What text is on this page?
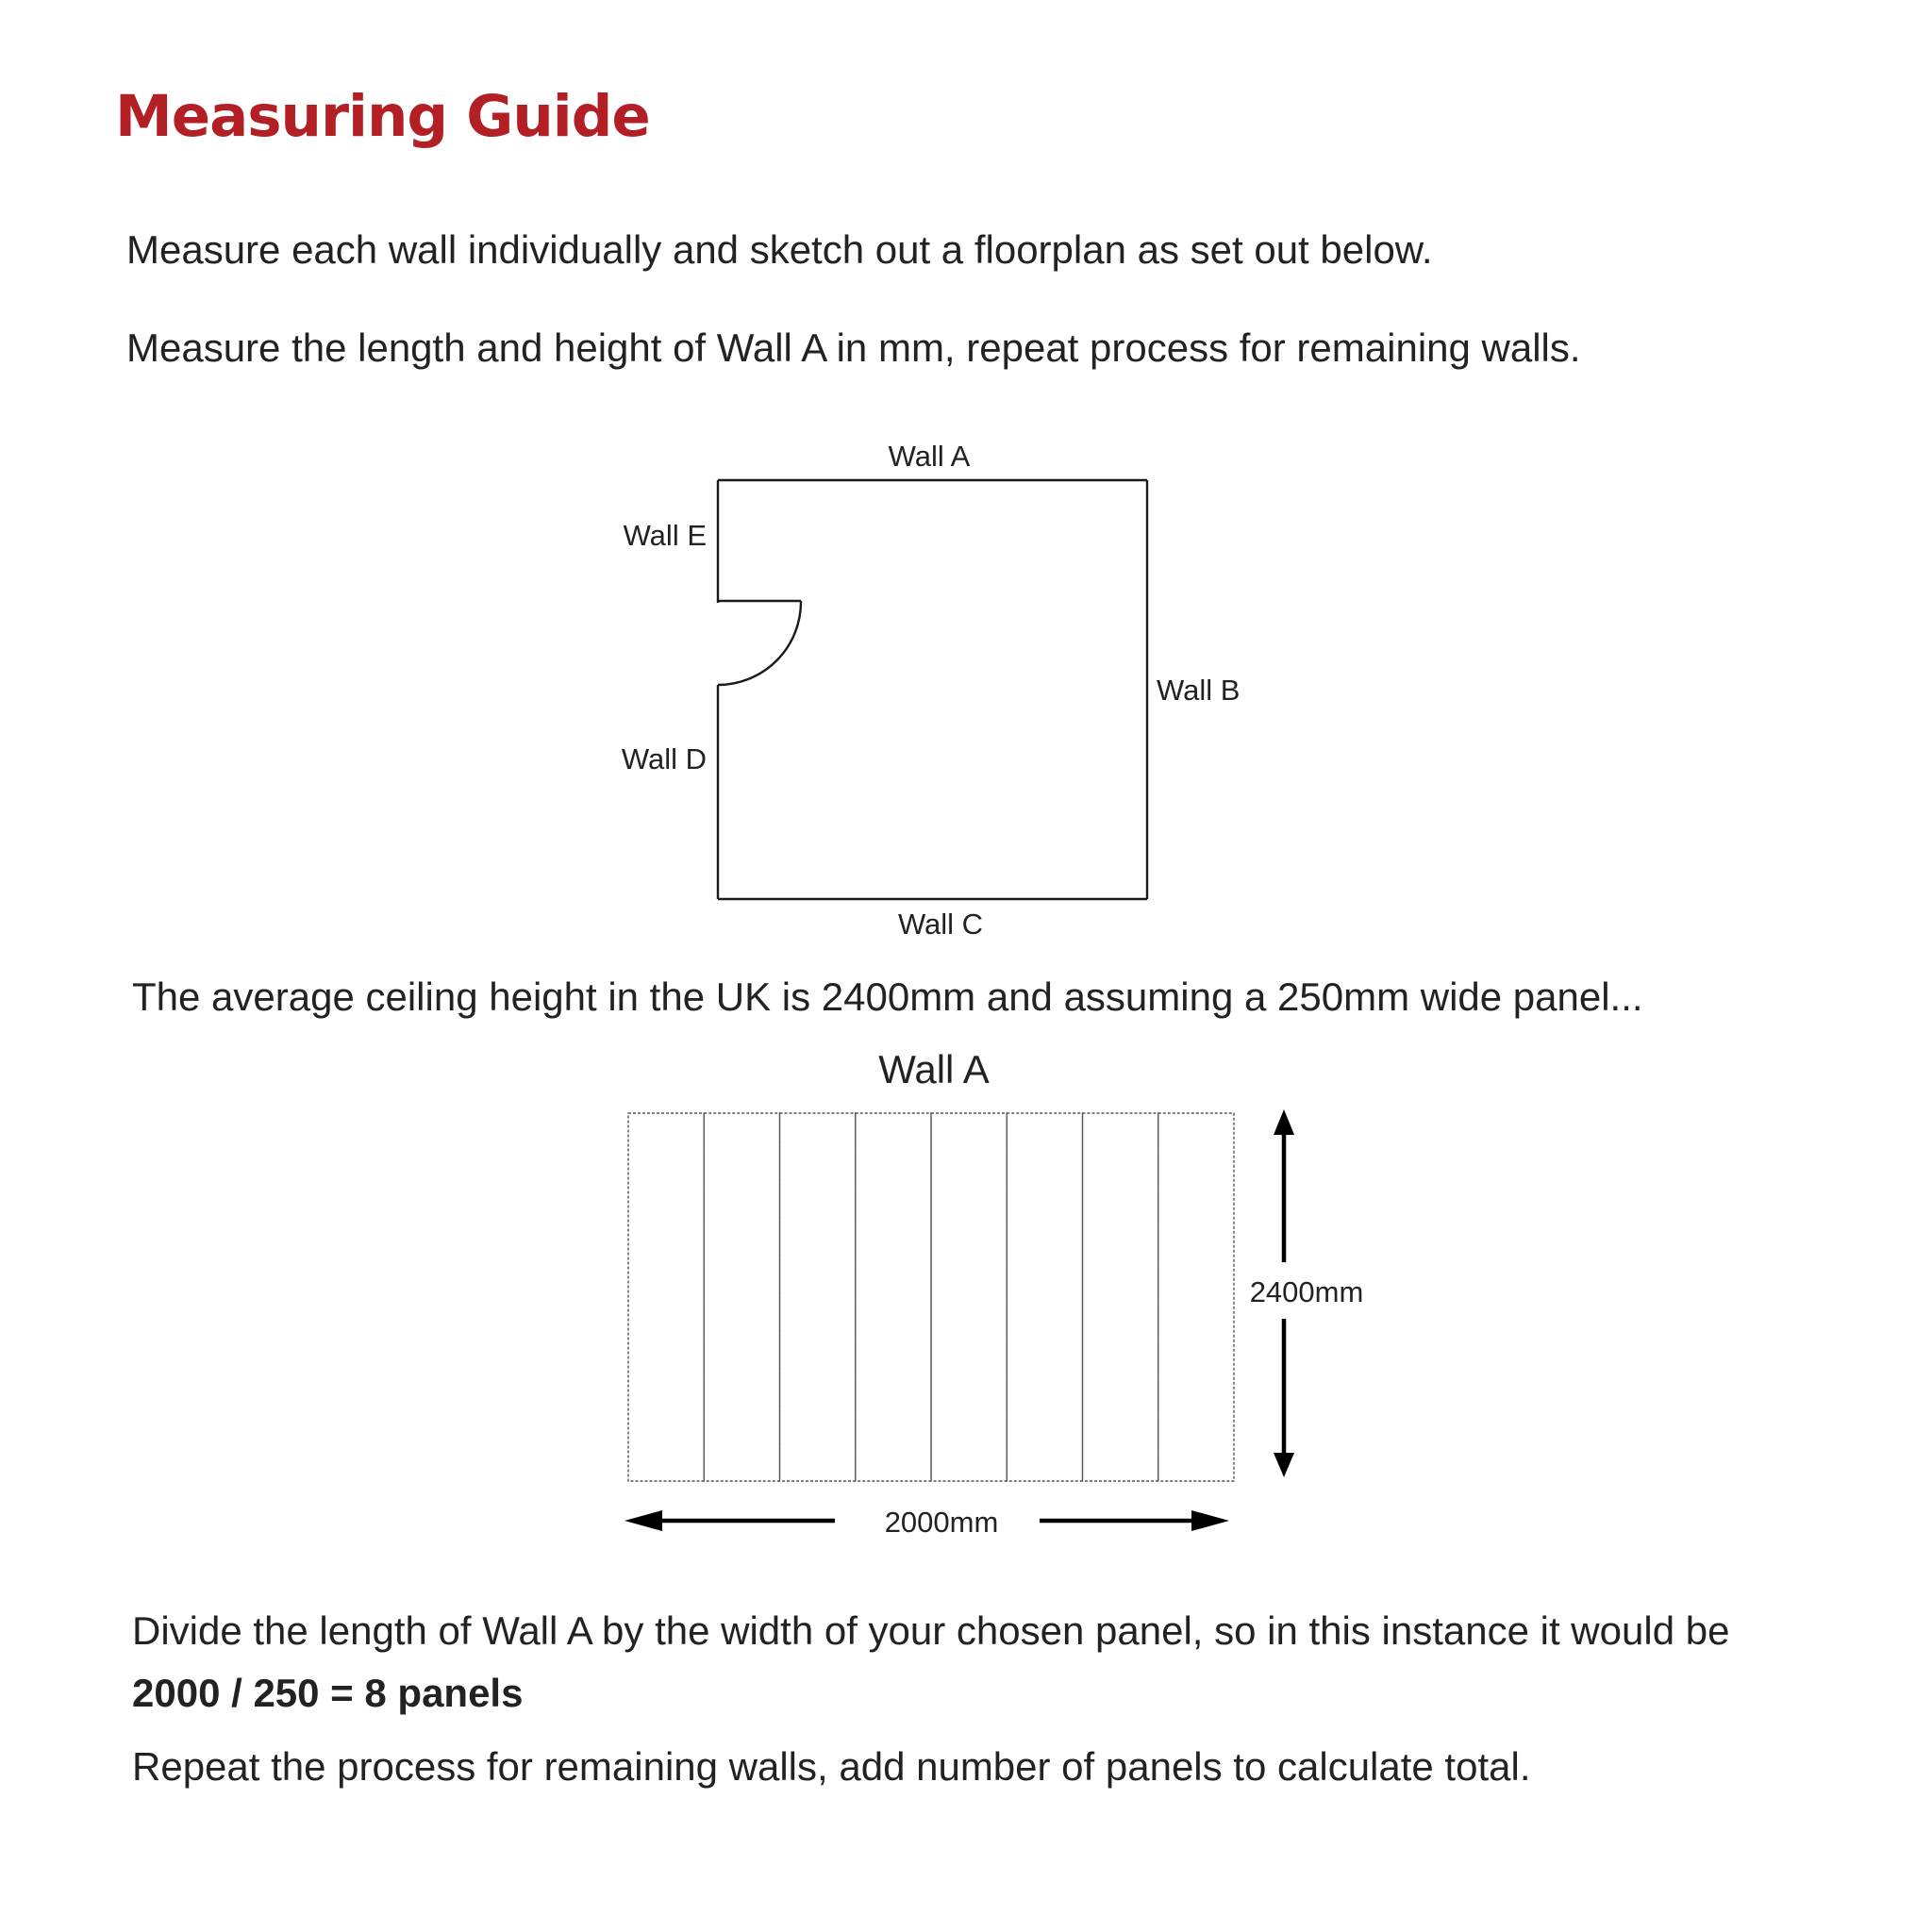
Measuring Guide

Measure each wall individually and sketch out a floorplan as set out below.

Measure the length and height of Wall A in mm, repeat process for remaining walls.

Wall A
Wall B
Wall C
Wall D
Wall E

The average ceiling height in the UK is 2400mm and assuming a 250mm wide panel...

Wall A
2400mm
2000mm

Divide the length of Wall A by the width of your chosen panel, so in this instance it would be

2000 / 250 = 8 panels

Repeat the process for remaining walls, add number of panels to calculate total.
